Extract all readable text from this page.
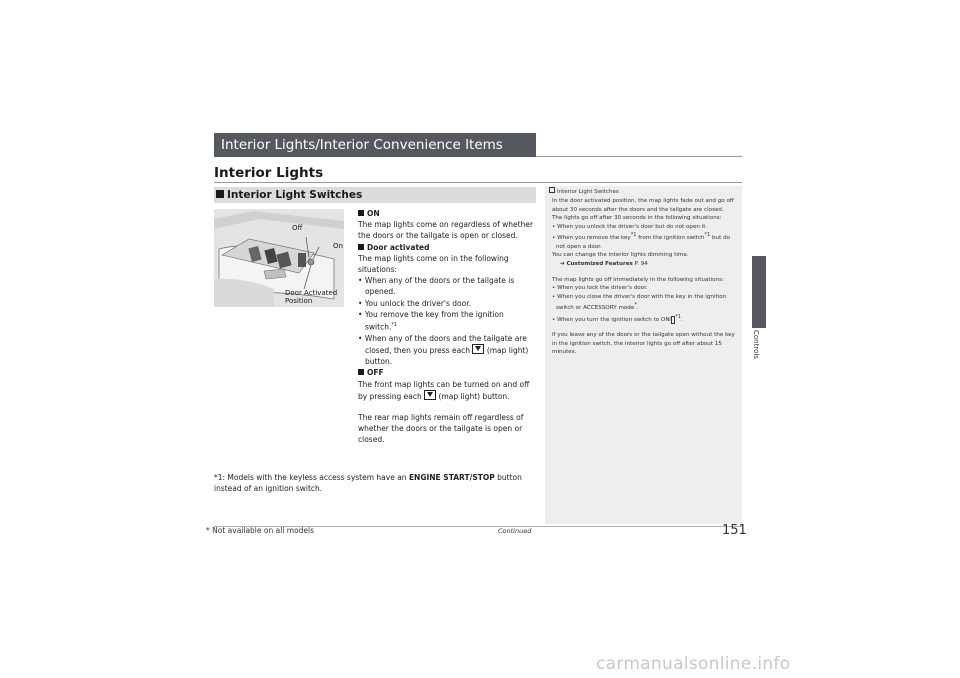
Interior Lights/Interior Convenience Items
Interior Lights
Interior Light Switches
Off
On
Door Activated
Position

ON

The map lights come on regardless of whether the doors or the tailgate is open or closed.

Door activated

The map lights come on in the following situations:

• When any of the doors or the tailgate is opened.

• You unlock the driver's door.

• You remove the key from the ignition switch.$^{*1}$

• When any of the doors and the tailgate are closed, then you press each (map light) button.

OFF

The front map lights can be turned on and off by pressing each (map light) button.

The rear map lights remain off regardless of whether the doors or the tailgate is open or closed.

*1: Models with the keyless access system have an ENGINE START/STOP button instead of an ignition switch.
Interior Light Switches

In the door activated position, the map lights fade out and go off about 30 seconds after the doors and the tailgate are closed.

The lights go off after 30 seconds in the following situations:

• When you unlock the driver's door but do not open it.

• When you remove the key$^{*1}$ from the ignition switch$^{*1}$ but do not open a door.

You can change the interior lights dimming time.

➔ Customized Features P. 94

The map lights go off immediately in the following situations:

• When you lock the driver's door.

• When you close the driver's door with the key in the ignition switch or ACCESSORY mode*.

• When you turn the ignition switch to ON II $^{*1}$.

If you leave any of the doors or the tailgate open without the key in the ignition switch, the interior lights go off after about 15 minutes.	Controls
* Not available on all models	Continued	151
carmanualsonline.info
